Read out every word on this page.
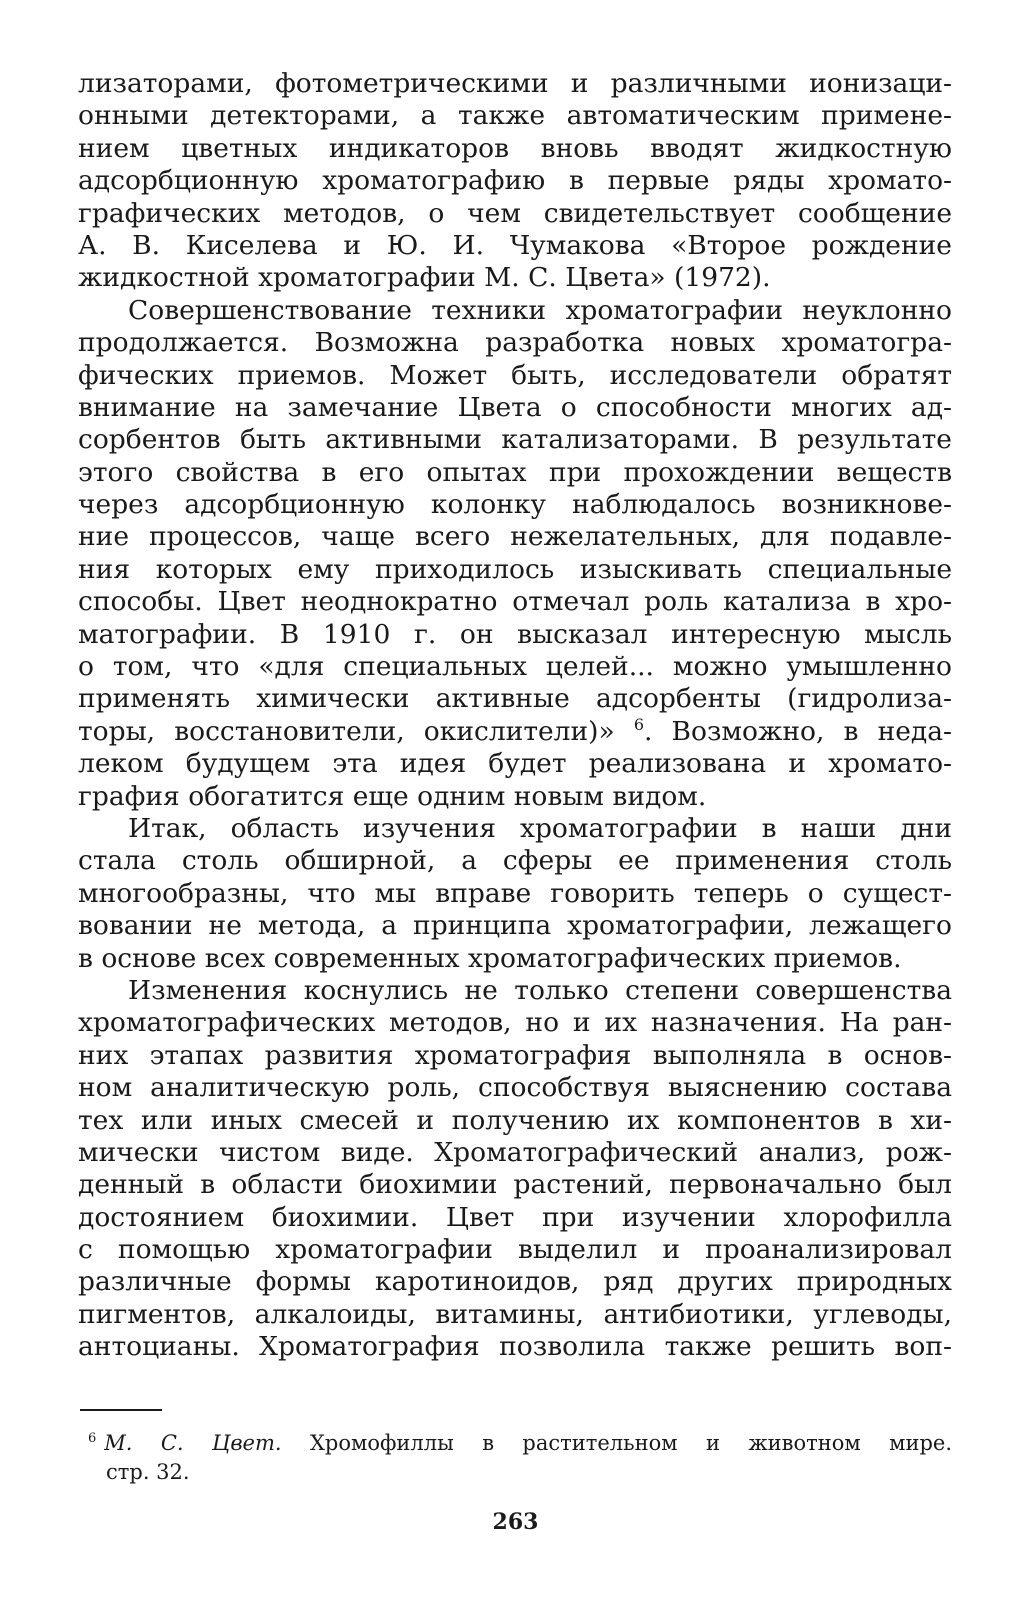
лизаторами, фотометрическими и различными ионизаци-
онными детекторами, а также автоматическим примене-
нием цветных индикаторов вновь вводят жидкостную
адсорбционную хроматографию в первые ряды хромато-
графических методов, о чем свидетельствует сообщение
А. В. Киселева и Ю. И. Чумакова «Второе рождение
жидкостной хроматографии М. С. Цвета» (1972).
Совершенствование техники хроматографии неуклонно
продолжается. Возможна разработка новых хроматогра-
фических приемов. Может быть, исследователи обратят
внимание на замечание Цвета о способности многих ад-
сорбентов быть активными катализаторами. В результате
этого свойства в его опытах при прохождении веществ
через адсорбционную колонку наблюдалось возникнове-
ние процессов, чаще всего нежелательных, для подавле-
ния которых ему приходилось изыскивать специальные
способы. Цвет неоднократно отмечал роль катализа в хро-
матографии. В 1910 г. он высказал интересную мысль
о том, что «для специальных целей... можно умышленно
применять химически активные адсорбенты (гидролиза-
торы, восстановители, окислители)» $^6$. Возможно, в неда-
леком будущем эта идея будет реализована и хромато-
графия обогатится еще одним новым видом.
Итак, область изучения хроматографии в наши дни
стала столь обширной, а сферы ее применения столь
многообразны, что мы вправе говорить теперь о сущест-
вовании не метода, а принципа хроматографии, лежащего
в основе всех современных хроматографических приемов.
Изменения коснулись не только степени совершенства
хроматографических методов, но и их назначения. На ран-
них этапах развития хроматография выполняла в основ-
ном аналитическую роль, способствуя выяснению состава
тех или иных смесей и получению их компонентов в хи-
мически чистом виде. Хроматографический анализ, рож-
денный в области биохимии растений, первоначально был
достоянием биохимии. Цвет при изучении хлорофилла
с помощью хроматографии выделил и проанализировал
различные формы каротиноидов, ряд других природных
пигментов, алкалоиды, витамины, антибиотики, углеводы,
антоцианы. Хроматография позволила также решить воп-
$^6$ М. С. Цвет. Хромофиллы в растительном и животном мире.
стр. 32.
263
